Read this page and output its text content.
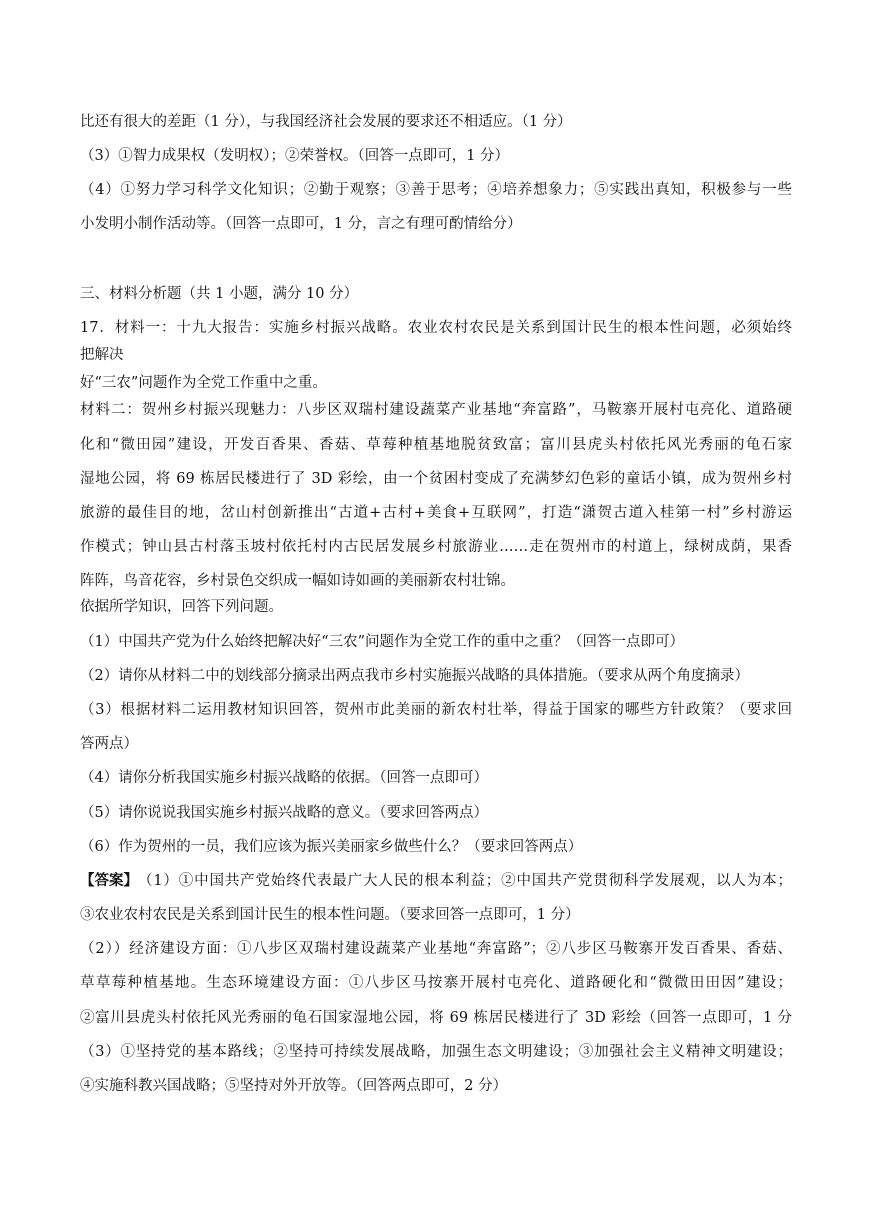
比还有很大的差距（1 分），与我国经济社会发展的要求还不相适应。（1 分）
（3）①智力成果权（发明权）；②荣誉权。（回答一点即可，1 分）
（4）①努力学习科学文化知识；②勤于观察；③善于思考；④培养想象力；⑤实践出真知，积极参与一些
小发明小制作活动等。（回答一点即可，1 分，言之有理可酌情给分）
三、材料分析题（共 1 小题，满分 10 分）
17．材料一：十九大报告：实施乡村振兴战略。农业农村农民是关系到国计民生的根本性问题，必须始终
把解决
好“三农”问题作为全党工作重中之重。
材料二：贺州乡村振兴现魅力：八步区双瑞村建设蔬菜产业基地“奔富路”，马鞍寨开展村屯亮化、道路硬
化和“微田园”建设，开发百香果、香菇、草莓种植基地脱贫致富；富川县虎头村依托风光秀丽的龟石家
湿地公园，将 69 栋居民楼进行了 3D 彩绘，由一个贫困村变成了充满梦幻色彩的童话小镇，成为贺州乡村
旅游的最佳目的地，岔山村创新推出“古道+古村+美食+互联网”，打造“潇贺古道入桂第一村”乡村游运
作模式；钟山县古村落玉坡村依托村内古民居发展乡村旅游业……走在贺州市的村道上，绿树成荫，果香
阵阵，鸟音花容，乡村景色交织成一幅如诗如画的美丽新农村壮锦。
依据所学知识，回答下列问题。
（1）中国共产党为什么始终把解决好“三农”问题作为全党工作的重中之重？（回答一点即可）
（2）请你从材料二中的划线部分摘录出两点我市乡村实施振兴战略的具体措施。（要求从两个角度摘录）
（3）根据材料二运用教材知识回答，贺州市此美丽的新农村壮举，得益于国家的哪些方针政策？（要求回
答两点）
（4）请你分析我国实施乡村振兴战略的依据。（回答一点即可）
（5）请你说说我国实施乡村振兴战略的意义。（要求回答两点）
（6）作为贺州的一员，我们应该为振兴美丽家乡做些什么？（要求回答两点）
【答案】 （1）①中国共产党始终代表最广大人民的根本利益；②中国共产党贯彻科学发展观，以人为本；
③农业农村农民是关系到国计民生的根本性问题。（要求回答一点即可，1 分）
（2））经济建设方面：①八步区双瑞村建设蔬菜产业基地“奔富路”；②八步区马鞍寨开发百香果、香菇、
草草莓种植基地。生态环境建设方面：①八步区马按寨开展村屯亮化、道路硬化和“微微田田因”建设；
②富川县虎头村依托风光秀丽的龟石国家湿地公园，将 69 栋居民楼进行了 3D 彩绘（回答一点即可，1 分
（3）①坚持党的基本路线；②坚持可持续发展战略，加强生态文明建设；③加强社会主义精神文明建设；
④实施科教兴国战略；⑤坚持对外开放等。（回答两点即可，2 分）
